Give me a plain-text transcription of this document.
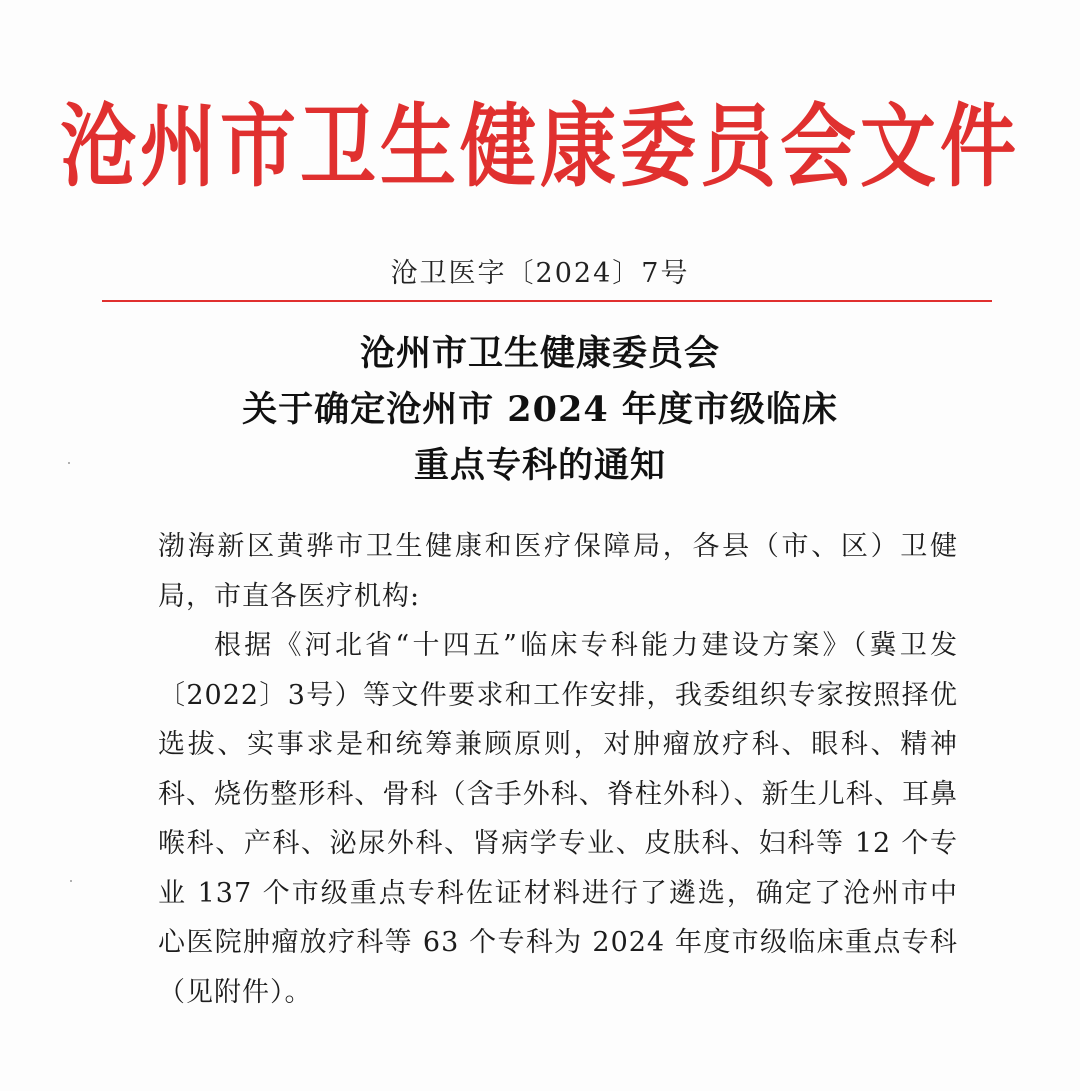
沧州市卫生健康委员会文件
沧卫医字〔2024〕7号
沧州市卫生健康委员会
关于确定沧州市 2024 年度市级临床
重点专科的通知

渤海新区黄骅市卫生健康和医疗保障局，各县（市、区）卫健局，市直各医疗机构:

根据《河北省“十四五”临床专科能力建设方案》（冀卫发〔2022〕3号）等文件要求和工作安排，我委组织专家按照择优选拔、实事求是和统筹兼顾原则，对肿瘤放疗科、眼科、精神科、烧伤整形科、骨科（含手外科、脊柱外科）、新生儿科、耳鼻喉科、产科、泌尿外科、肾病学专业、皮肤科、妇科等 12 个专业 137 个市级重点专科佐证材料进行了遴选，确定了沧州市中心医院肿瘤放疗科等 63 个专科为 2024 年度市级临床重点专科（见附件）。
